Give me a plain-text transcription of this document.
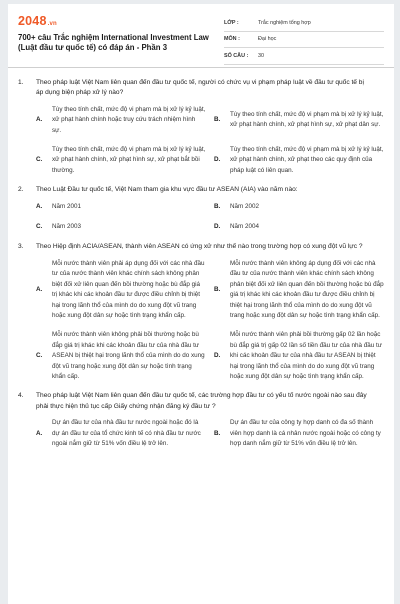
2048.vn
700+ câu Trắc nghiệm International Investment Law (Luật đầu tư quốc tế) có đáp án - Phần 3
LỚP :	Trắc nghiệm tổng hợp
MÔN :	Đại học
SỐ CÂU :	30
1.	Theo pháp luật Việt Nam liên quan đến đầu tư quốc tế, người có chức vụ vi phạm pháp luật về đầu tư quốc tế bị áp dụng biện pháp xử lý nào?
A.
Tùy theo tính chất, mức độ vi phạm mà bị xử lý kỷ luật, xử phạt hành chính hoặc truy cứu trách nhiệm hình sự.
B.
Tùy theo tính chất, mức độ vi phạm mà bị xử lý kỷ luật, xử phạt hành chính, xử phạt hình sự, xử phạt dân sự.
C.
Tùy theo tính chất, mức độ vi phạm mà bị xử lý kỷ luật, xử phạt hành chính, xử phạt hình sự, xử phạt bắt bồi thường.
D.
Tùy theo tính chất, mức độ vi phạm mà bị xử lý kỷ luật, xử phạt hành chính, xử phạt theo các quy định của pháp luật có liên quan.
2.	Theo Luật Đầu tư quốc tế, Việt Nam tham gia khu vực đầu tư ASEAN (AIA) vào năm nào:
A.	Năm 2001	B.	Năm 2002
C.	Năm 2003	D.	Năm 2004
3.	Theo Hiệp định ACIA/ASEAN, thành viên ASEAN có ứng xử như thế nào trong trường hợp có xung đột vũ lực ?
A.
Mỗi nước thành viên phải áp dụng đối với các nhà đầu tư của nước thành viên khác chính sách không phân biệt đối xử liên quan đến bồi thường hoặc bù đắp giá trị khác khi các khoản đầu tư được điều chỉnh bị thiệt hại trong lãnh thổ của mình do do xung đột vũ trang hoặc xung đột dân sự hoặc tình trạng khẩn cấp.
B.
Mỗi nước thành viên không áp dụng đối với các nhà đầu tư của nước thành viên khác chính sách không phân biệt đối xử liên quan đến bồi thường hoặc bù đắp giá trị khác khi các khoản đầu tư được điều chỉnh bị thiệt hại trong lãnh thổ của mình do do xung đột vũ trang hoặc xung đột dân sự hoặc tình trạng khẩn cấp.
C.
Mỗi nước thành viên không phải bồi thường hoặc bù đắp giá trị khác khi các khoản đầu tư của nhà đầu tư ASEAN bị thiệt hại trong lãnh thổ của mình do do xung đột vũ trang hoặc xung đột dân sự hoặc tình trạng khẩn cấp.
D.
Mỗi nước thành viên phải bồi thường gấp 02 lần hoặc bù đắp giá trị gấp 02 lần số tiền đầu tư của nhà đầu tư khi các khoản đầu tư của nhà đầu tư ASEAN bị thiệt hại trong lãnh thổ của mình do do xung đột vũ trang hoặc xung đột dân sự hoặc tình trạng khẩn cấp.
4.	Theo pháp luật Việt Nam liên quan đến đầu tư quốc tế, các trường hợp đầu tư có yếu tố nước ngoài nào sau đây phải thực hiện thủ tục cấp Giấy chứng nhận đăng ký đầu tư ?
A.
Dự án đầu tư của nhà đầu tư nước ngoài hoặc đó là dự án đầu tư của tổ chức kinh tế có nhà đầu tư nước ngoài nắm giữ từ 51% vốn điều lệ trở lên.
B.
Dự án đầu tư của công ty hợp danh có đa số thành viên hợp danh là cá nhân nước ngoài hoặc có công ty hợp danh nắm giữ từ 51% vốn điều lệ trở lên.
